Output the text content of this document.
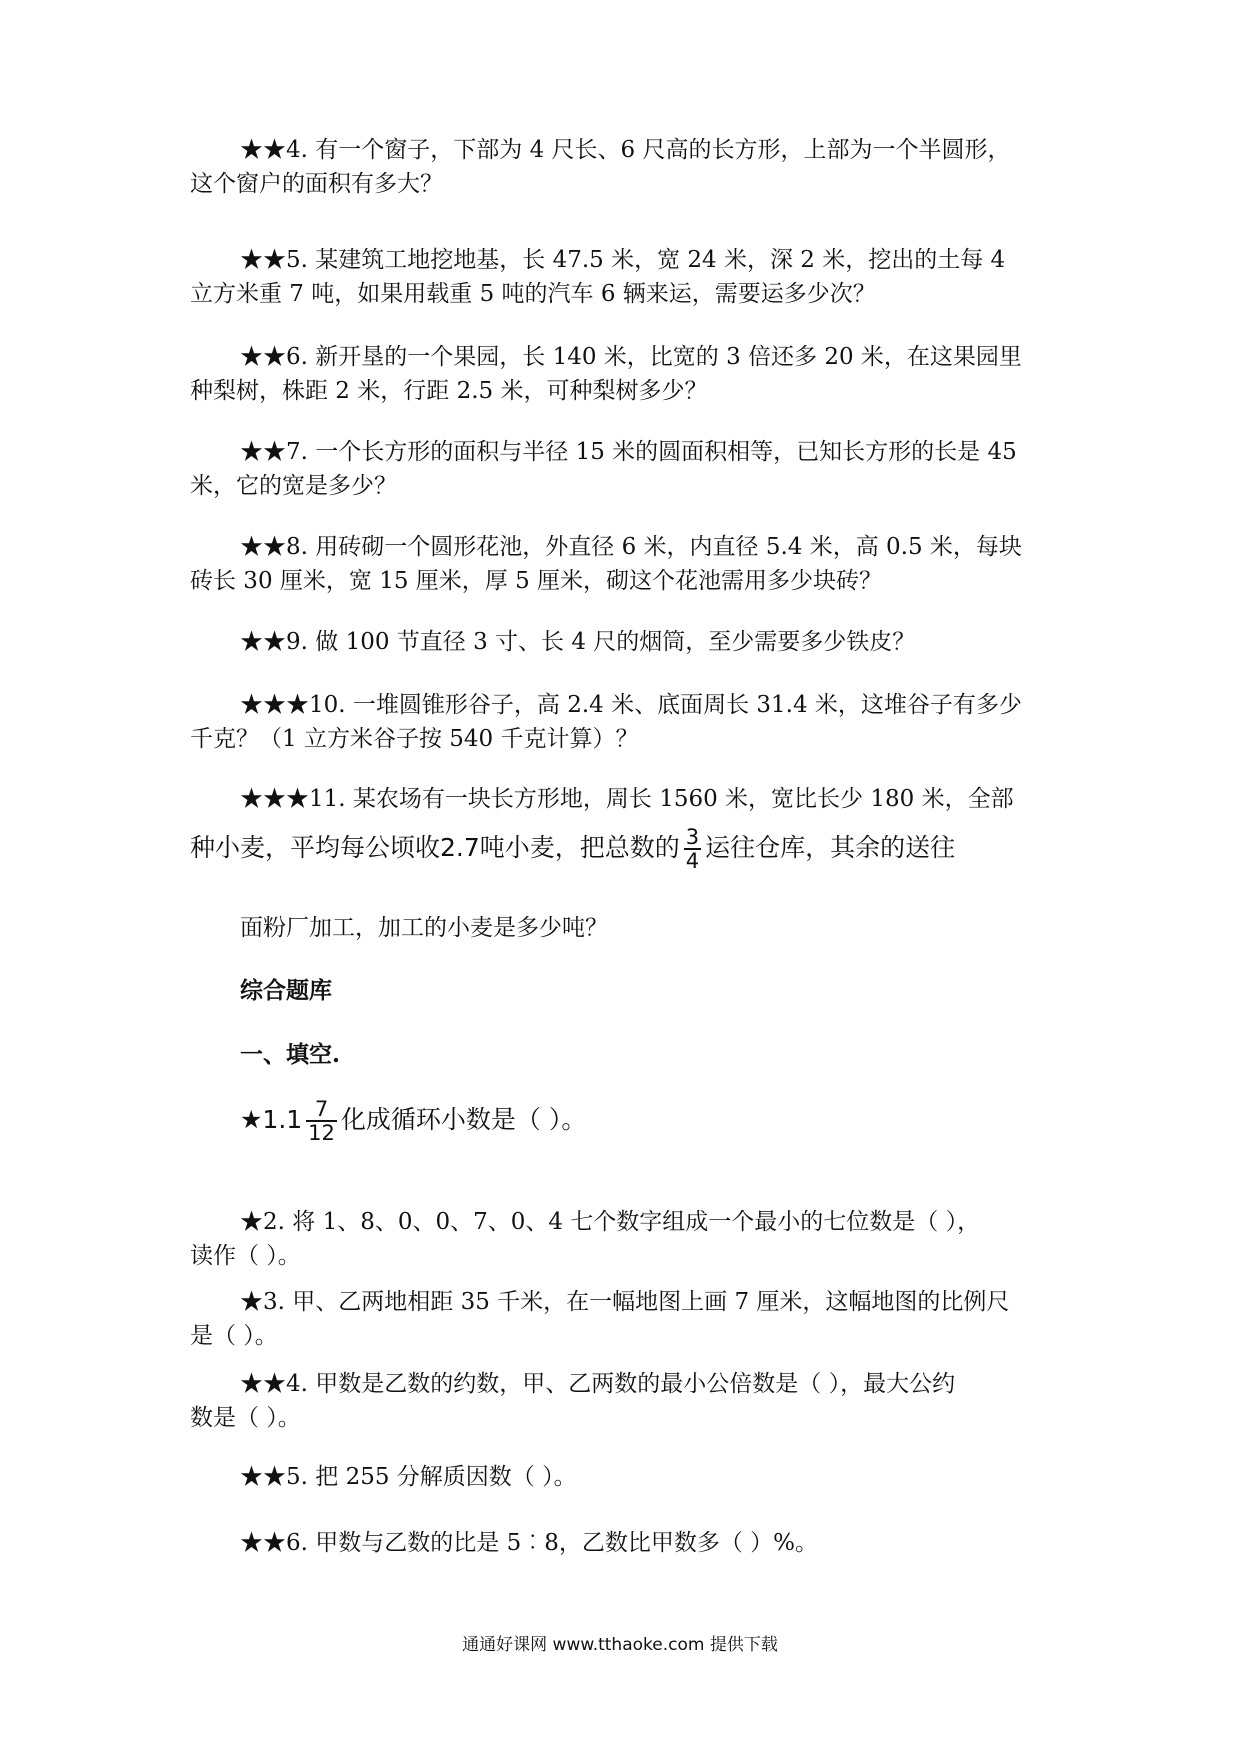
★★4. 有一个窗子，下部为 4 尺长、6 尺高的长方形，上部为一个半圆形，
这个窗户的面积有多大？

★★5. 某建筑工地挖地基，长 47.5 米，宽 24 米，深 2 米，挖出的土每 4
立方米重 7 吨，如果用载重 5 吨的汽车 6 辆来运，需要运多少次？

★★6. 新开垦的一个果园，长 140 米，比宽的 3 倍还多 20 米，在这果园里
种梨树，株距 2 米，行距 2.5 米，可种梨树多少？

★★7. 一个长方形的面积与半径 15 米的圆面积相等，已知长方形的长是 45
米，它的宽是多少？

★★8. 用砖砌一个圆形花池，外直径 6 米，内直径 5.4 米，高 0.5 米，每块
砖长 30 厘米，宽 15 厘米，厚 5 厘米，砌这个花池需用多少块砖？

★★9. 做 100 节直径 3 寸、长 4 尺的烟筒，至少需要多少铁皮？

★★★10. 一堆圆锥形谷子，高 2.4 米、底面周长 31.4 米，这堆谷子有多少
千克？（1 立方米谷子按 540 千克计算）？

★★★11. 某农场有一块长方形地，周长 1560 米，宽比长少 180 米，全部
种小麦，平均每公顷收2.7吨小麦，把总数的 $\frac{3}{4}$ 运往仓库，其余的送往

面粉厂加工，加工的小麦是多少吨？

综合题库

一、填空.

★1.1 $\frac{7}{12}$ 化成循环小数是（ ）。

★2. 将 1、8、0、0、7、0、4 七个数字组成一个最小的七位数是（ ），
读作（ ）。

★3. 甲、乙两地相距 35 千米，在一幅地图上画 7 厘米，这幅地图的比例尺
是（ ）。

★★4. 甲数是乙数的约数，甲、乙两数的最小公倍数是（ ），最大公约
数是（ ）。

★★5. 把 255 分解质因数（ ）。

★★6. 甲数与乙数的比是 5︰8，乙数比甲数多（ ）%。

通通好课网 www.tthaoke.com 提供下载
